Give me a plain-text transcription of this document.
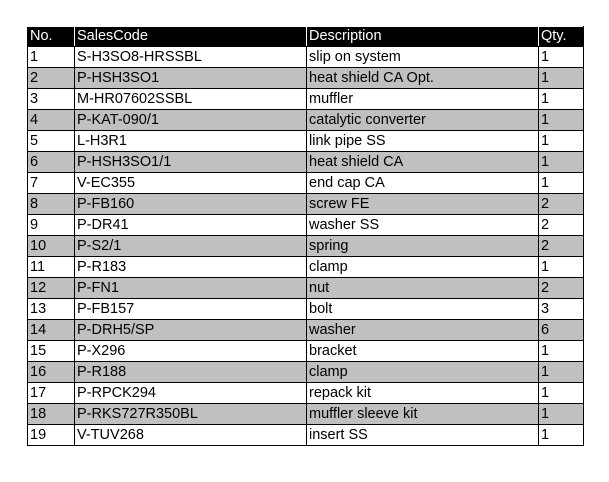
No.	SalesCode	Description	Qty.
1	S-H3SO8-HRSSBL	slip on system	1
2	P-HSH3SO1	heat shield CA Opt.	1
3	M-HR07602SSBL	muffler	1
4	P-KAT-090/1	catalytic converter	1
5	L-H3R1	link pipe SS	1
6	P-HSH3SO1/1	heat shield CA	1
7	V-EC355	end cap CA	1
8	P-FB160	screw FE	2
9	P-DR41	washer SS	2
10	P-S2/1	spring	2
11	P-R183	clamp	1
12	P-FN1	nut	2
13	P-FB157	bolt	3
14	P-DRH5/SP	washer	6
15	P-X296	bracket	1
16	P-R188	clamp	1
17	P-RPCK294	repack kit	1
18	P-RKS727R350BL	muffler sleeve kit	1
19	V-TUV268	insert SS	1
